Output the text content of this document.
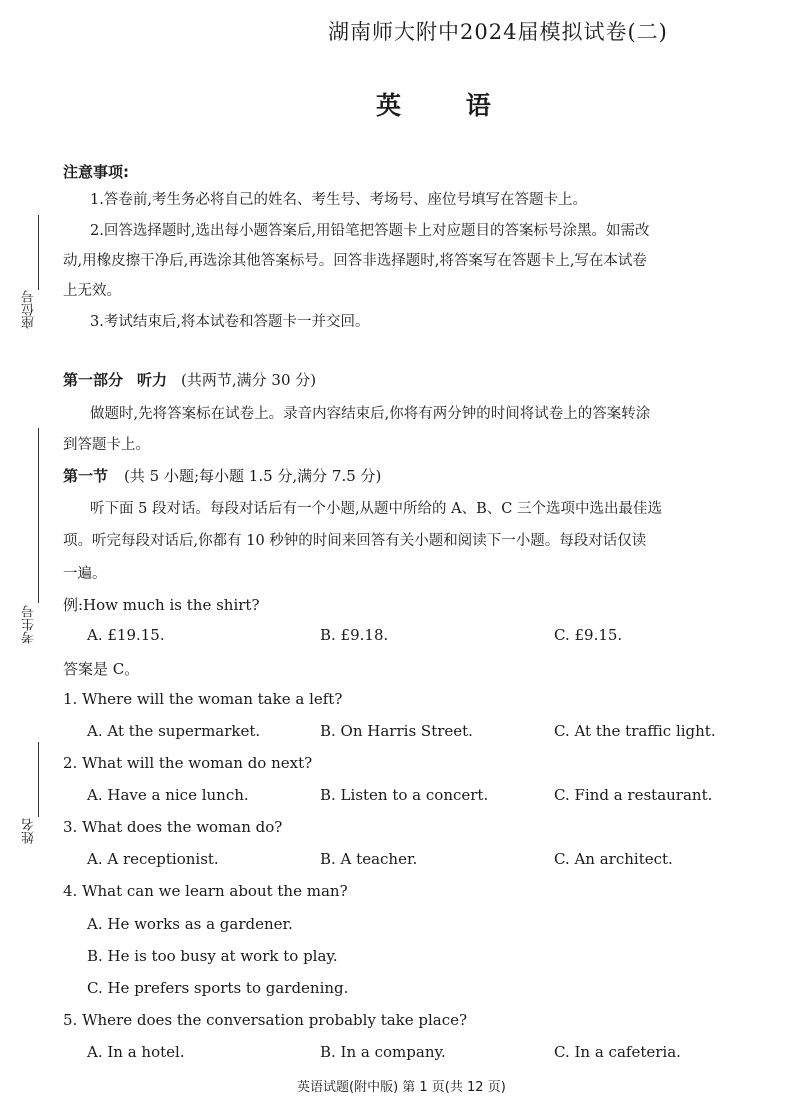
湖南师大附中2024届模拟试卷(二)
英 语
注意事项:
1.答卷前,考生务必将自己的姓名、考生号、考场号、座位号填写在答题卡上。
2.回答选择题时,选出每小题答案后,用铅笔把答题卡上对应题目的答案标号涂黑。如需改
动,用橡皮擦干净后,再选涂其他答案标号。回答非选择题时,将答案写在答题卡上,写在本试卷
上无效。
3.考试结束后,将本试卷和答题卡一并交回。
第一部分 听力 (共两节,满分 30 分)
做题时,先将答案标在试卷上。录音内容结束后,你将有两分钟的时间将试卷上的答案转涂
到答题卡上。
第一节 (共 5 小题;每小题 1.5 分,满分 7.5 分)
听下面 5 段对话。每段对话后有一个小题,从题中所给的 A、B、C 三个选项中选出最佳选
项。听完每段对话后,你都有 10 秒钟的时间来回答有关小题和阅读下一小题。每段对话仅读
一遍。
例:How much is the shirt?
A. £19.15.	B. £9.18.	C. £9.15.
答案是 C。
1. Where will the woman take a left?
A. At the supermarket.	B. On Harris Street.	C. At the traffic light.
2. What will the woman do next?
A. Have a nice lunch.	B. Listen to a concert.	C. Find a restaurant.
3. What does the woman do?
A. A receptionist.	B. A teacher.	C. An architect.
4. What can we learn about the man?
A. He works as a gardener.
B. He is too busy at work to play.
C. He prefers sports to gardening.
5. Where does the conversation probably take place?
A. In a hotel.	B. In a company.	C. In a cafeteria.
座位号
考生号
姓名
英语试题(附中版) 第 1 页(共 12 页)
